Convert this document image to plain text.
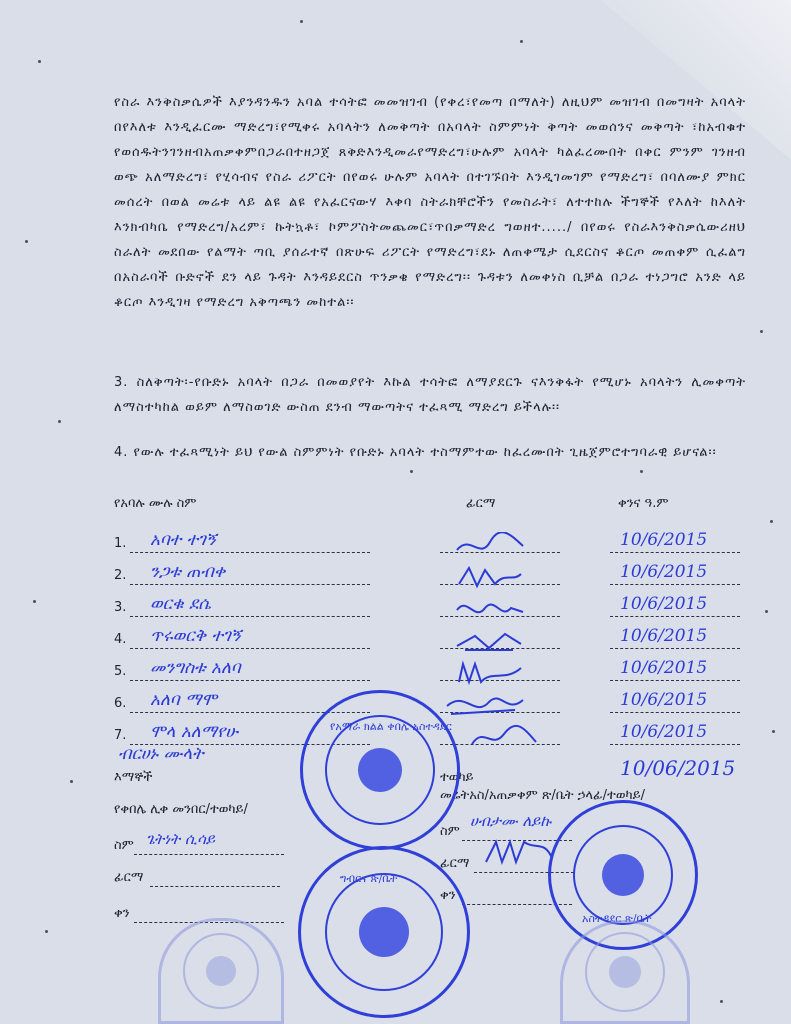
የስራ እንቅስቃሴዎች እያንዳንዱን አባል ተሳትፎ መመዝገብ (የቀረ፣የመጣ በማለት) ለዚህም መዝገብ በመግዛት አባላት በየእለቱ እንዲፈርሙ ማድረግ፣የሚቀሩ አባላትን ለመቅጣት በአባላት ስምምነት ቅጣት መወሰንና መቅጣት ፣ከአብቁተ የወሰዱትንገንዘብአጠቃቀምበጋራበተዘጋጀ ጸቅድእንዲመራየማድረግ፣ሁሉም አባላት ካልፈረሙበት በቀር ምንም ገንዘብ ወጭ አለማድረግ፣ የሂሳብና የስራ ሪፖርት በየወሩ ሁሉም አባላት በተገኙበት እንዲገመገም የማድረግ፣ በባለሙያ ምክር መሰረት በወል መሬቱ ላይ ልዩ ልዩ የአፈርናውሃ እቀባ ስትራክቸሮችን የመስራት፣ ለተተከሉ ችግኞች የእለት ከእለት እንክብካቤ የማድረግ/አረም፣ ኩትኳቶ፣ ኮምፖስትመጨመር፣ጥበቃማድረ ግወዘተ...../ በየወሩ የስራእንቅስቃሴውሪዘህ ስራለት መደበው የልማት ጣቢ ያሰራተኛ በጽሁፍ ሪፖርት የማድረግ፣ደኑ ለጠቀሜታ ሲደርስና ቆርጦ መጠቀም ሲፈልግ በአስራባች ቡድኖች ደን ላይ ጉዳት እንዳይደርስ ጥንቃቄ የማድረግ፡፡ ጉዳቱን ለመቀነስ ቢቻል በጋራ ተነጋግሮ አንድ ላይ ቆርጦ እንዲገዛ የማድረግ አቅጣጫን መከተል፡፡

3. ስለቅጣት፡-የቡድኑ አባላት በጋራ በመወያየት እኩል ተሳትፎ ለማያደርጉ ናእንቅፋት የሚሆኑ አባላትን ሊመቀጣት ለማስተካከል ወይም ለማስወገድ ውስጠ ደንብ ማውጣትና ተፈጻሚ ማድረግ ይችላሉ፡፡

4. የውሉ ተፈጻሚነት ይህ የውል ስምምነት የቡድኑ አባላት ተስማምተው ከፈረሙበት ጊዜጀምሮተግባራዊ ይሆናል፡፡

የአባሉ ሙሉ ስም	ፊርማ	ቀንና ዓ.ም
1. አባተ ተገኝ	10/6/2015
2. ንጋቱ ጠብቀ	10/6/2015
3. ወርቁ ደሴ	10/6/2015
4. ጥሩወርቅ ተገኝ	10/6/2015
5. መንግስቱ አለባ	10/6/2015
6. አለባ ማሞ	10/6/2015
7. ሞላ አለማየሁ	10/6/2015
ብርሀኑ ሙላት
10/06/2015
እማኞች
የቀበሌ ሊቀ መንበር/ተወካይ/
ስም ጌትነት ሲሳይ
ፊርማ
ቀን
ተወካይ
መሬትአስ/አጠቃቀም ጽ/ቤት ኃላፊ/ተወካይ/
ስም
ሀብታሙ ለይኩ
ፊርማ
ቀን
የአማራ ክልል ቀበሌ አስተዳደር
ግብርና ጽ/ቤት
አስተዳደር ጽ/ቤት
